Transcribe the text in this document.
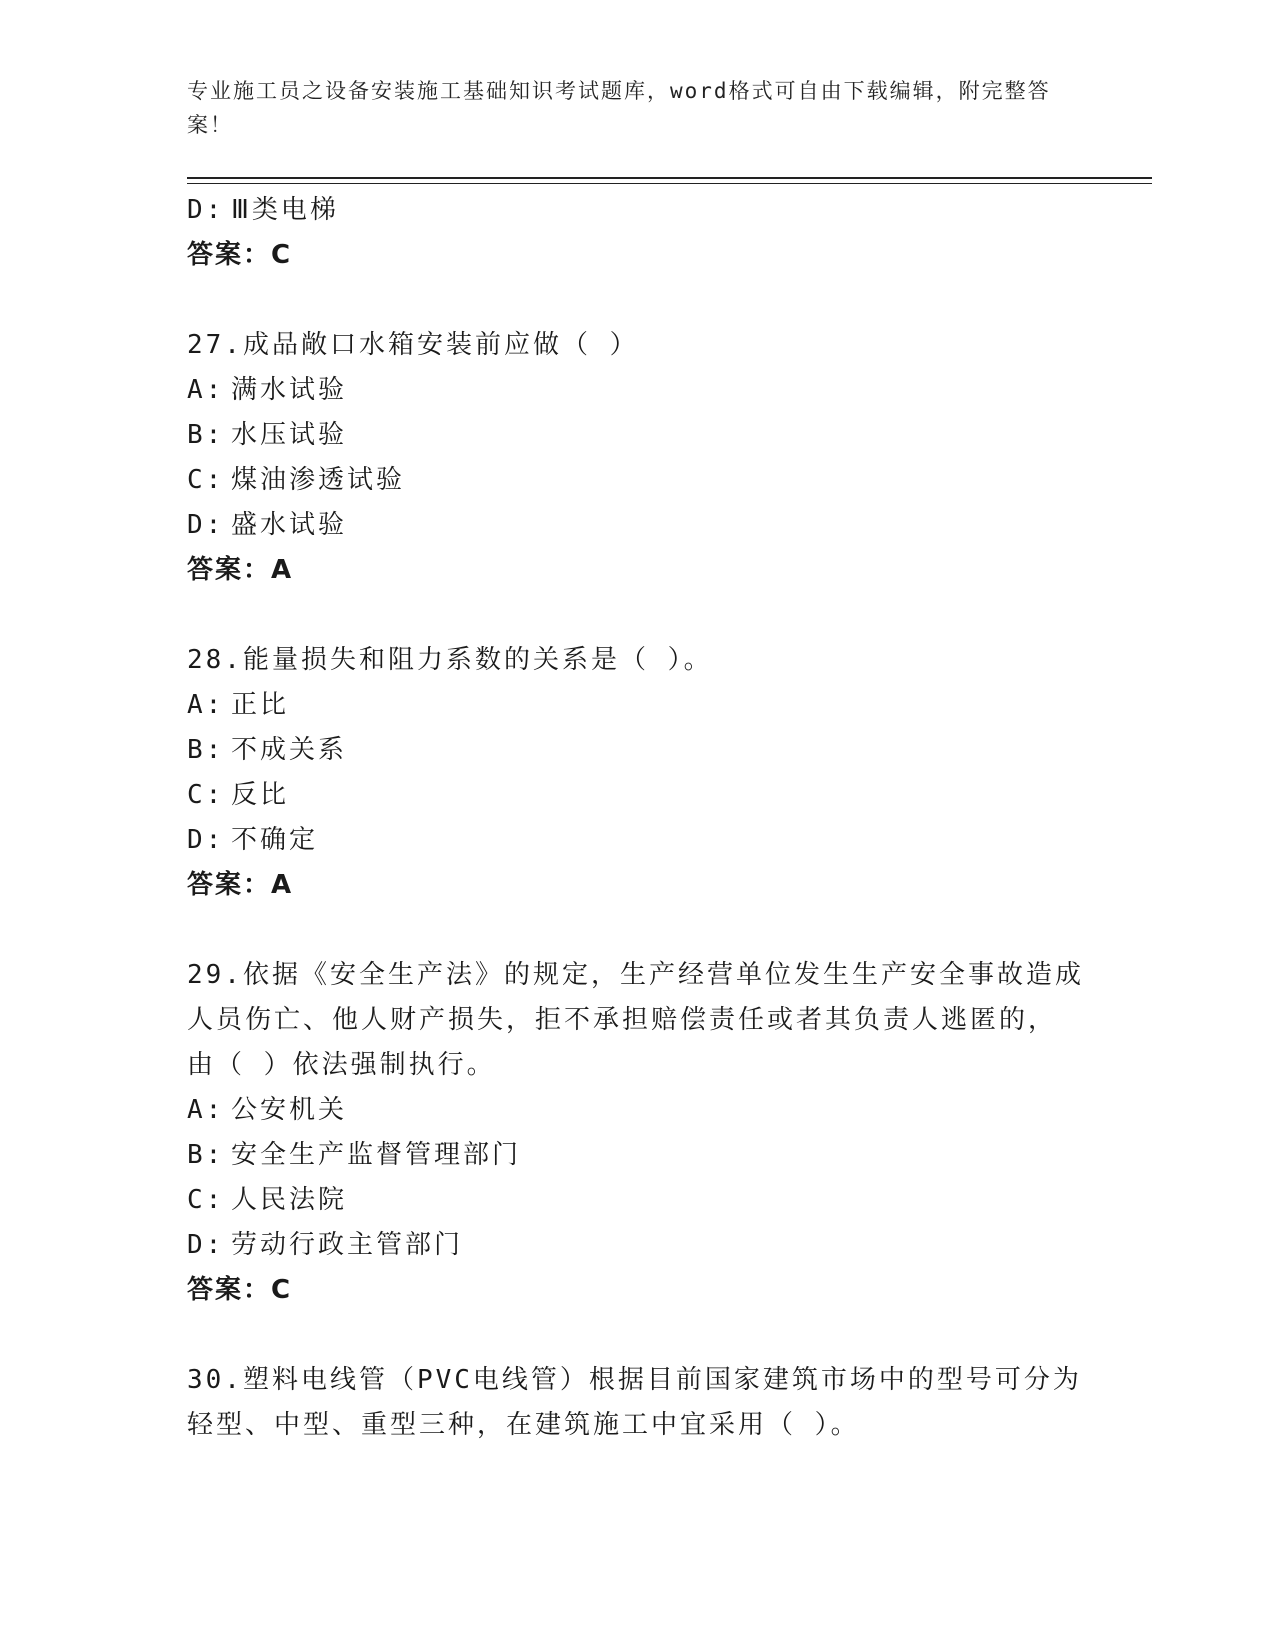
专业施工员之设备安装施工基础知识考试题库，word格式可自由下载编辑，附完整答案！
D: Ⅲ类电梯
答案：C
27.成品敞口水箱安装前应做（ ）
A: 满水试验
B: 水压试验
C: 煤油渗透试验
D: 盛水试验
答案：A
28.能量损失和阻力系数的关系是（ ）。
A: 正比
B: 不成关系
C: 反比
D: 不确定
答案：A
29.依据《安全生产法》的规定，生产经营单位发生生产安全事故造成
人员伤亡、他人财产损失，拒不承担赔偿责任或者其负责人逃匿的，
由（ ）依法强制执行。
A: 公安机关
B: 安全生产监督管理部门
C: 人民法院
D: 劳动行政主管部门
答案：C
30.塑料电线管（PVC电线管）根据目前国家建筑市场中的型号可分为
轻型、中型、重型三种，在建筑施工中宜采用（ ）。
